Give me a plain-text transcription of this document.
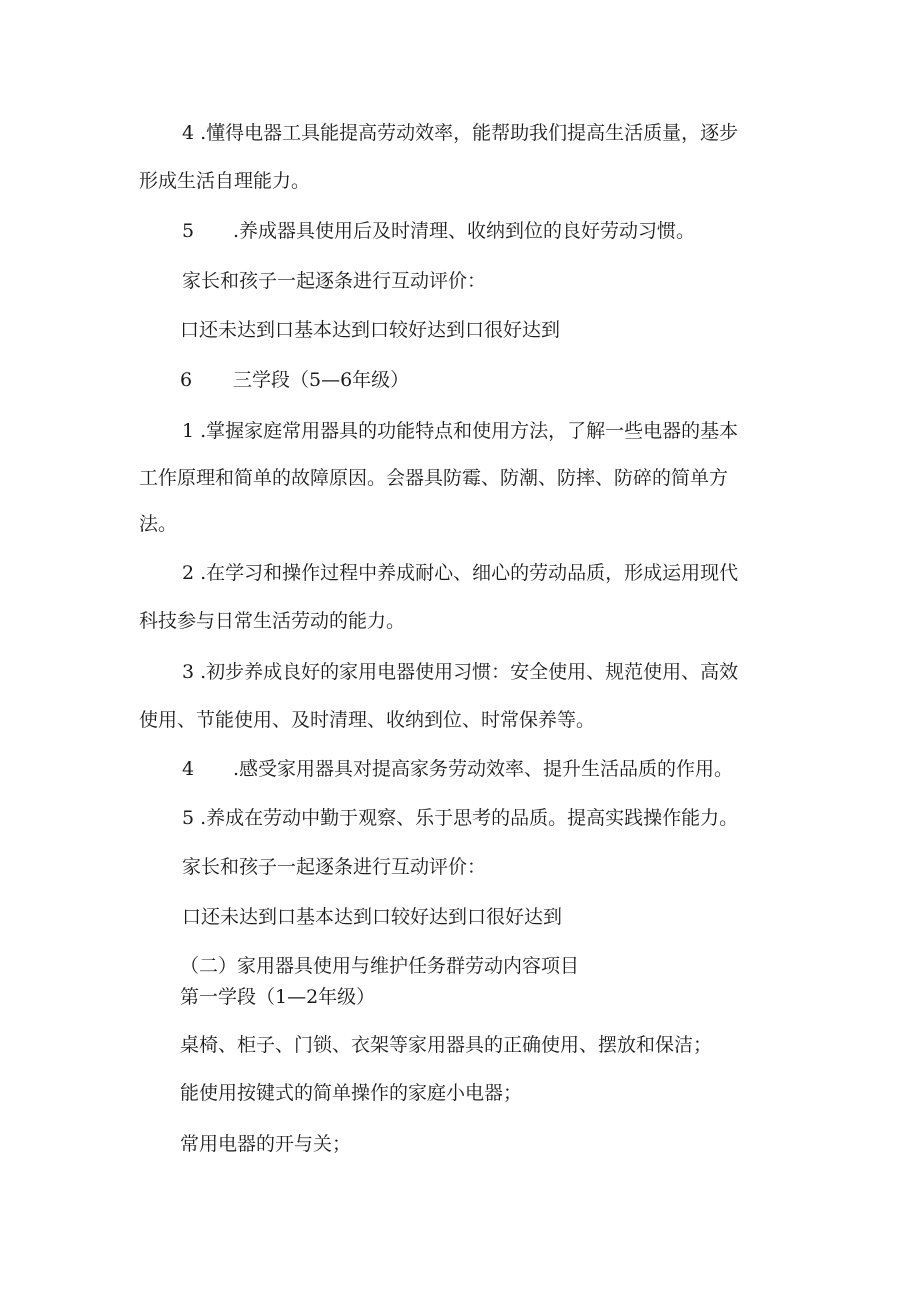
4 .懂得电器工具能提高劳动效率，能帮助我们提高生活质量，逐步
形成生活自理能力。
5 .养成器具使用后及时清理、收纳到位的良好劳动习惯。
家长和孩子一起逐条进行互动评价：
口还未达到口基本达到口较好达到口很好达到
6 三学段（5—6年级）
1 .掌握家庭常用器具的功能特点和使用方法，了解一些电器的基本
工作原理和简单的故障原因。会器具防霉、防潮、防摔、防碎的简单方
法。
2 .在学习和操作过程中养成耐心、细心的劳动品质，形成运用现代
科技参与日常生活劳动的能力。
3 .初步养成良好的家用电器使用习惯：安全使用、规范使用、高效
使用、节能使用、及时清理、收纳到位、时常保养等。
4 .感受家用器具对提高家务劳动效率、提升生活品质的作用。
5 .养成在劳动中勤于观察、乐于思考的品质。提高实践操作能力。
家长和孩子一起逐条进行互动评价：
口还未达到口基本达到口较好达到口很好达到
（二）家用器具使用与维护任务群劳动内容项目
第一学段（1—2年级）
桌椅、柜子、门锁、衣架等家用器具的正确使用、摆放和保洁；
能使用按键式的简单操作的家庭小电器；
常用电器的开与关；
